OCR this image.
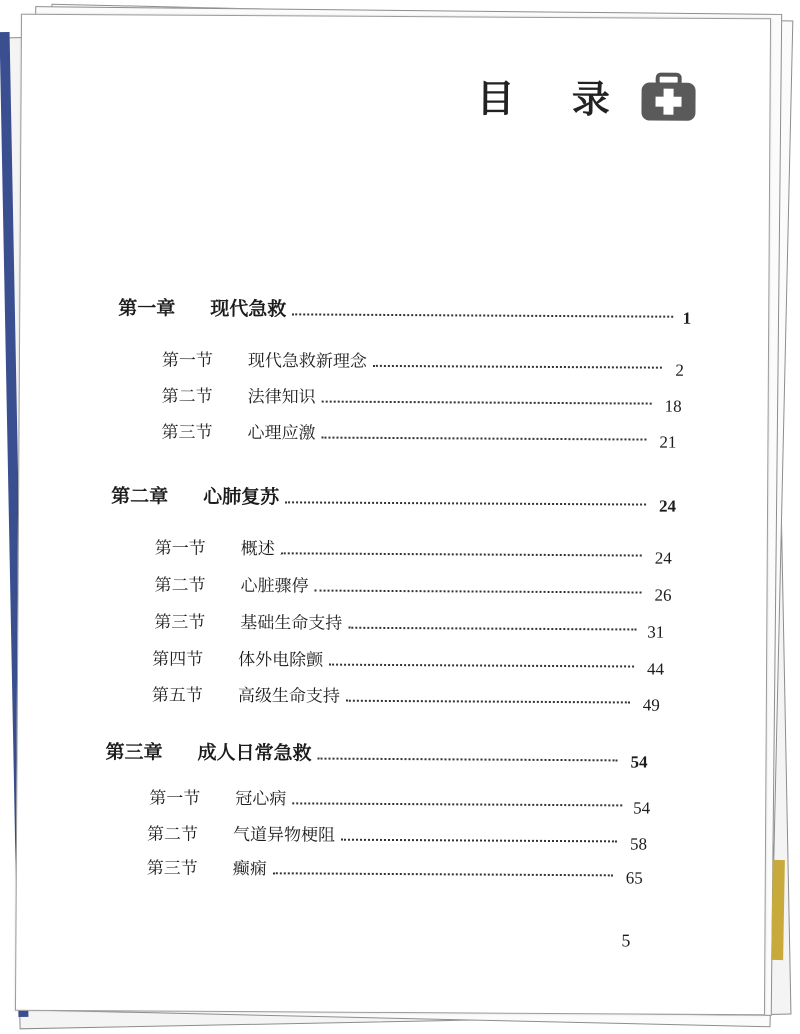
目 录
第一章	现代急救	1
第一节	现代急救新理念	2
第二节	法律知识	18
第三节	心理应激	21
第二章	心肺复苏	24
第一节	概述	24
第二节	心脏骤停	26
第三节	基础生命支持	31
第四节	体外电除颤	44
第五节	高级生命支持	49
第三章	成人日常急救	54
第一节	冠心病	54
第二节	气道异物梗阻	58
第三节	癫痫	65
5
